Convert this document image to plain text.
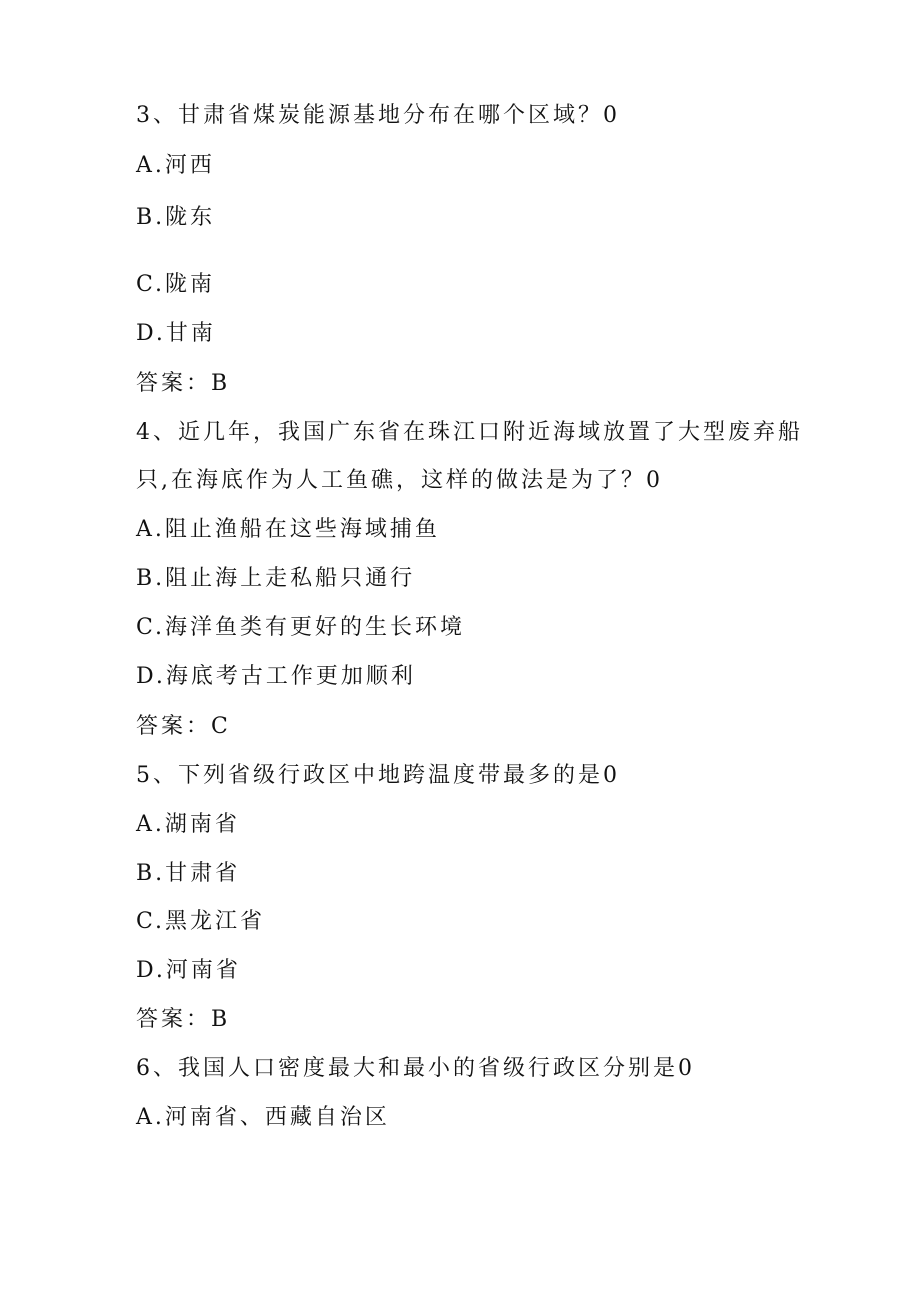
3、甘肃省煤炭能源基地分布在哪个区域？0
A.河西
B.陇东
C.陇南
D.甘南
答案：B
4、近几年，我国广东省在珠江口附近海域放置了大型废弃船
只,在海底作为人工鱼礁，这样的做法是为了？0
A.阻止渔船在这些海域捕鱼
B.阻止海上走私船只通行
C.海洋鱼类有更好的生长环境
D.海底考古工作更加顺利
答案：C
5、下列省级行政区中地跨温度带最多的是0
A.湖南省
B.甘肃省
C.黑龙江省
D.河南省
答案：B
6、我国人口密度最大和最小的省级行政区分别是0
A.河南省、西藏自治区
